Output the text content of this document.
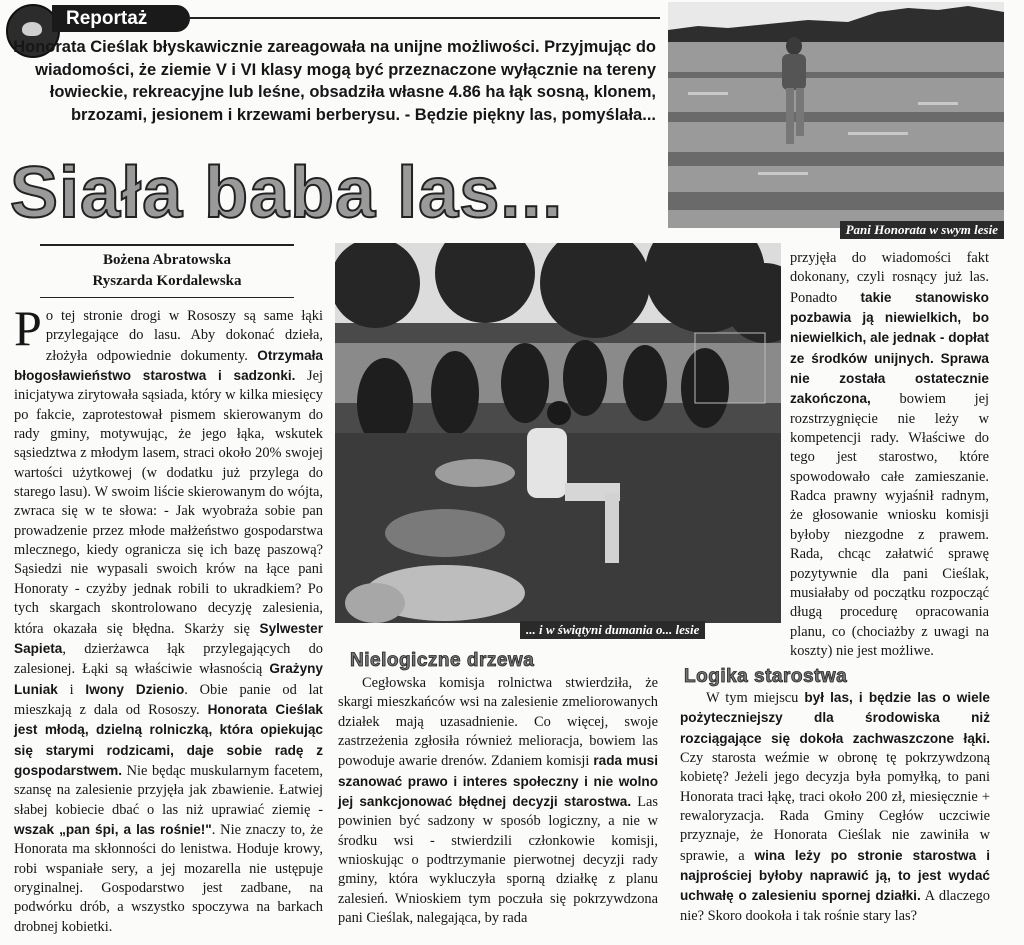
Reportaż
Honorata Cieślak błyskawicznie zareagowała na unijne możliwości. Przyjmując do wiadomości, że ziemie V i VI klasy mogą być przeznaczone wyłącznie na tereny łowieckie, rekreacyjne lub leśne, obsadziła własne 4.86 ha łąk sosną, klonem, brzozami, jesionem i krzewami berberysu. - Będzie piękny las, pomyślała...
Siała baba las...	Pani Honorata w swym lesie
Bożena Abratowska
Ryszarda Kordalewska
... i w świątyni dumania o... lesie
Po tej stronie drogi w Rososzy są same łąki przylegające do lasu. Aby dokonać dzieła, złożyła odpowiednie dokumenty. Otrzymała błogosławieństwo starostwa i sadzonki. Jej inicjatywa zirytowała sąsiada, który w kilka miesięcy po fakcie, zaprotestował pismem skierowanym do rady gminy, motywując, że jego łąka, wskutek sąsiedztwa z młodym lasem, straci około 20% swojej wartości użytkowej (w dodatku już przylega do starego lasu). W swoim liście skierowanym do wójta, zwraca się w te słowa: - Jak wyobraża sobie pan prowadzenie przez młode małżeństwo gospodarstwa mlecznego, kiedy ogranicza się ich bazę paszową? Sąsiedzi nie wypasali swoich krów na łące pani Honoraty - czyżby jednak robili to ukradkiem? Po tych skargach skontrolowano decyzję zalesienia, która okazała się błędna. Skarży się Sylwester Sapieta, dzierżawca łąk przylegających do zalesionej. Łąki są właściwie własnością Grażyny Luniak i Iwony Dzienio. Obie panie od lat mieszkają z dala od Rososzy. Honorata Cieślak jest młodą, dzielną rolniczką, która opiekując się starymi rodzicami, daje sobie radę z gospodarstwem. Nie będąc muskularnym facetem, szansę na zalesienie przyjęła jak zbawienie. Łatwiej słabej kobiecie dbać o las niż uprawiać ziemię - wszak „pan śpi, a las rośnie!". Nie znaczy to, że Honorata ma skłonności do lenistwa. Hoduje krowy, robi wspaniałe sery, a jej mozarella nie ustępuje oryginalnej. Gospodarstwo jest zadbane, na podwórku drób, a wszystko spoczywa na barkach drobnej kobietki.
Nielogiczne drzewa
Cegłowska komisja rolnictwa stwierdziła, że skargi mieszkańców wsi na zalesienie zmeliorowanych działek mają uzasadnienie. Co więcej, swoje zastrzeżenia zgłosiła również melioracja, bowiem las powoduje awarie drenów. Zdaniem komisji rada musi szanować prawo i interes społeczny i nie wolno jej sankcjonować błędnej decyzji starostwa. Las powinien być sadzony w sposób logiczny, a nie w środku wsi - stwierdzili członkowie komisji, wnioskując o podtrzymanie pierwotnej decyzji rady gminy, która wykluczyła sporną działkę z planu zalesień. Wnioskiem tym poczuła się pokrzywdzona pani Cieślak, nalegająca, by rada
przyjęła do wiadomości fakt dokonany, czyli rosnący już las. Ponadto takie stanowisko pozbawia ją niewielkich, bo niewielkich, ale jednak - dopłat ze środków unijnych. Sprawa nie została ostatecznie zakończona, bowiem jej rozstrzygnięcie nie leży w kompetencji rady. Właściwe do tego jest starostwo, które spowodowało całe zamieszanie. Radca prawny wyjaśnił radnym, że głosowanie wniosku komisji byłoby niezgodne z prawem. Rada, chcąc załatwić sprawę pozytywnie dla pani Cieślak, musiałaby od początku rozpocząć długą procedurę opracowania planu, co (chociażby z uwagi na koszty) nie jest możliwe.
Logika starostwa
W tym miejscu był las, i będzie las o wiele pożyteczniejszy dla środowiska niż rozciągające się dokoła zachwaszczone łąki. Czy starosta weźmie w obronę tę pokrzywdzoną kobietę? Jeżeli jego decyzja była pomyłką, to pani Honorata traci łąkę, traci około 200 zł, miesięcznie + rewaloryzacja. Rada Gminy Cegłów uczciwie przyznaje, że Honorata Cieślak nie zawiniła w sprawie, a wina leży po stronie starostwa i najprościej byłoby naprawić ją, to jest wydać uchwałę o zalesieniu spornej działki. A dlaczego nie? Skoro dookoła i tak rośnie stary las?
